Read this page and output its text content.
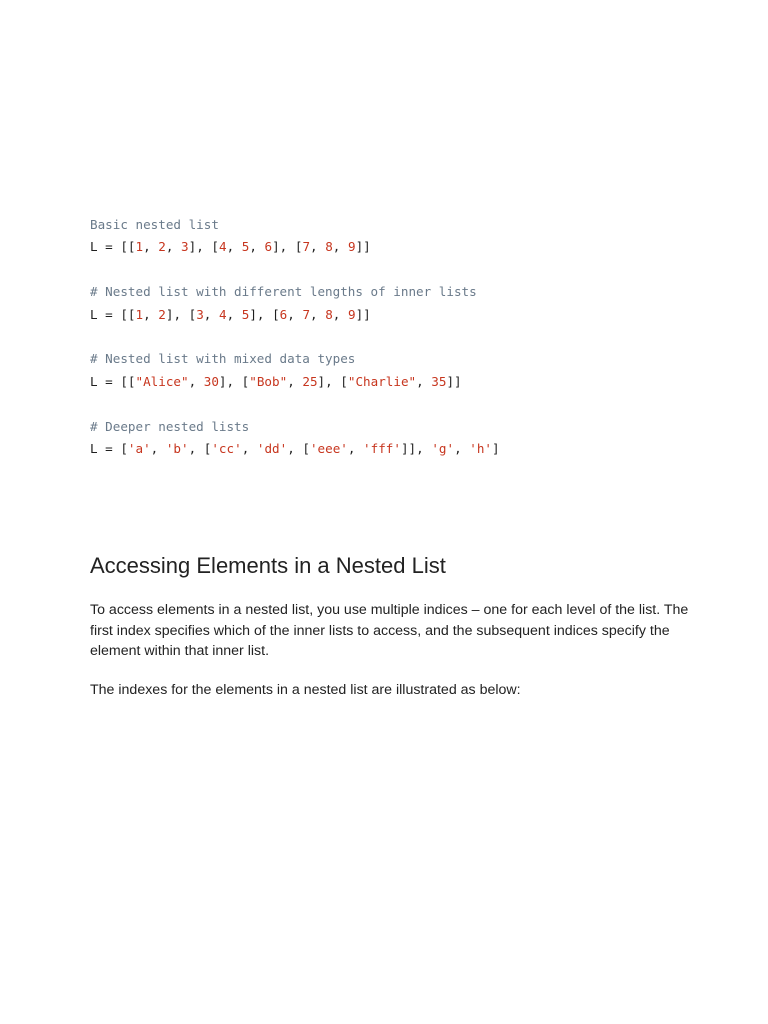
Basic nested list
L = [[1, 2, 3], [4, 5, 6], [7, 8, 9]]
# Nested list with different lengths of inner lists
L = [[1, 2], [3, 4, 5], [6, 7, 8, 9]]
# Nested list with mixed data types
L = [["Alice", 30], ["Bob", 25], ["Charlie", 35]]
# Deeper nested lists
L = ['a', 'b', ['cc', 'dd', ['eee', 'fff']], 'g', 'h']
Accessing Elements in a Nested List

To access elements in a nested list, you use multiple indices – one for each level of the list. The first index specifies which of the inner lists to access, and the subsequent indices specify the element within that inner list.

The indexes for the elements in a nested list are illustrated as below:
